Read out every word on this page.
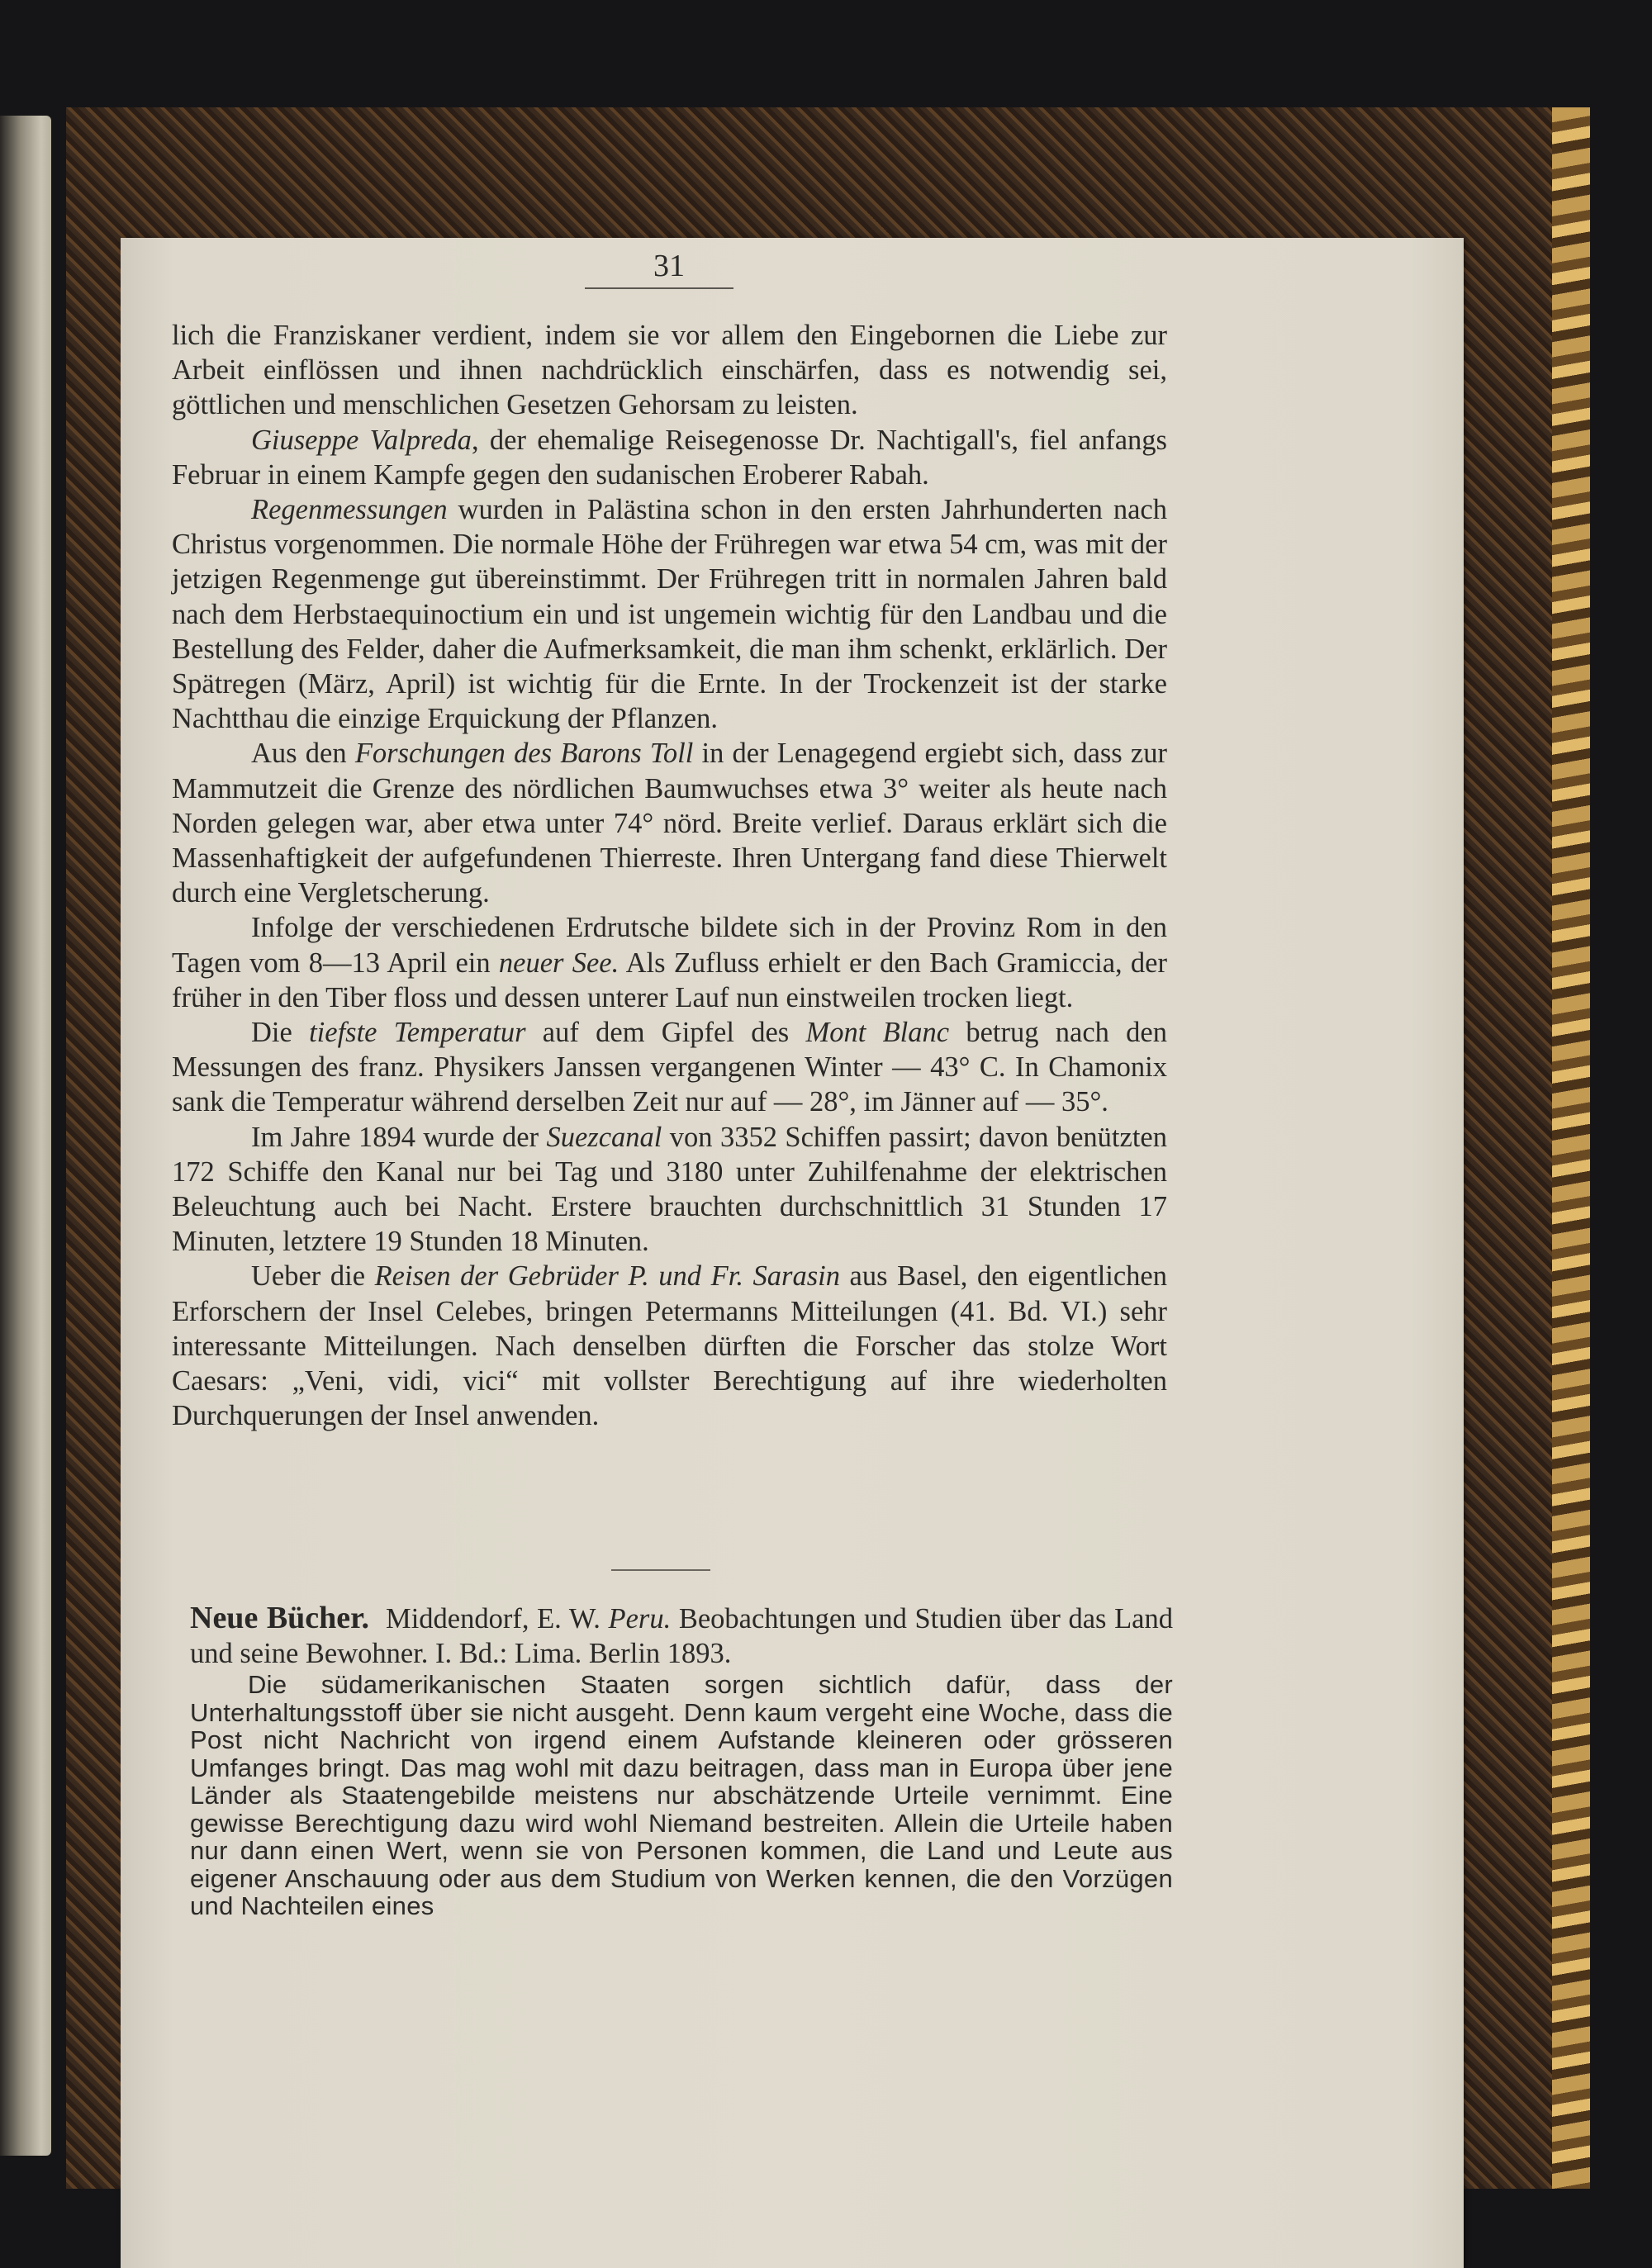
31

lich die Franziskaner verdient, indem sie vor allem den Eingebornen die Liebe zur Arbeit einflössen und ihnen nachdrücklich einschärfen, dass es notwendig sei, göttlichen und menschlichen Gesetzen Gehorsam zu leisten.

Giuseppe Valpreda, der ehemalige Reisegenosse Dr. Nachtigall's, fiel anfangs Februar in einem Kampfe gegen den sudanischen Eroberer Rabah.

Regenmessungen wurden in Palästina schon in den ersten Jahrhunderten nach Christus vorgenommen. Die normale Höhe der Frühregen war etwa 54 cm, was mit der jetzigen Regenmenge gut übereinstimmt. Der Frühregen tritt in normalen Jahren bald nach dem Herbstaequinoctium ein und ist ungemein wichtig für den Landbau und die Bestellung des Felder, daher die Aufmerksamkeit, die man ihm schenkt, erklärlich. Der Spätregen (März, April) ist wichtig für die Ernte. In der Trockenzeit ist der starke Nachtthau die einzige Erquickung der Pflanzen.

Aus den Forschungen des Barons Toll in der Lenagegend ergiebt sich, dass zur Mammutzeit die Grenze des nördlichen Baumwuchses etwa 3° weiter als heute nach Norden gelegen war, aber etwa unter 74° nörd. Breite verlief. Daraus erklärt sich die Massenhaftigkeit der aufgefundenen Thierreste. Ihren Untergang fand diese Thierwelt durch eine Vergletscherung.

Infolge der verschiedenen Erdrutsche bildete sich in der Provinz Rom in den Tagen vom 8—13 April ein neuer See. Als Zufluss erhielt er den Bach Gramiccia, der früher in den Tiber floss und dessen unterer Lauf nun einstweilen trocken liegt.

Die tiefste Temperatur auf dem Gipfel des Mont Blanc betrug nach den Messungen des franz. Physikers Janssen vergangenen Winter — 43° C. In Chamonix sank die Temperatur während derselben Zeit nur auf — 28°, im Jänner auf — 35°.

Im Jahre 1894 wurde der Suezcanal von 3352 Schiffen passirt; davon benützten 172 Schiffe den Kanal nur bei Tag und 3180 unter Zuhilfenahme der elektrischen Beleuchtung auch bei Nacht. Erstere brauchten durchschnittlich 31 Stunden 17 Minuten, letztere 19 Stunden 18 Minuten.

Ueber die Reisen der Gebrüder P. und Fr. Sarasin aus Basel, den eigentlichen Erforschern der Insel Celebes, bringen Petermanns Mitteilungen (41. Bd. VI.) sehr interessante Mitteilungen. Nach denselben dürften die Forscher das stolze Wort Caesars: „Veni, vidi, vici“ mit vollster Berechtigung auf ihre wiederholten Durchquerungen der Insel anwenden.

Neue Bücher. Middendorf, E. W. Peru. Beobachtungen und Studien über das Land und seine Bewohner. I. Bd.: Lima. Berlin 1893.

Die südamerikanischen Staaten sorgen sichtlich dafür, dass der Unterhaltungsstoff über sie nicht ausgeht. Denn kaum vergeht eine Woche, dass die Post nicht Nachricht von irgend einem Aufstande kleineren oder grösseren Umfanges bringt. Das mag wohl mit dazu beitragen, dass man in Europa über jene Länder als Staatengebilde meistens nur abschätzende Urteile vernimmt. Eine gewisse Berechtigung dazu wird wohl Niemand bestreiten. Allein die Urteile haben nur dann einen Wert, wenn sie von Personen kommen, die Land und Leute aus eigener Anschauung oder aus dem Studium von Werken kennen, die den Vorzügen und Nachteilen eines
